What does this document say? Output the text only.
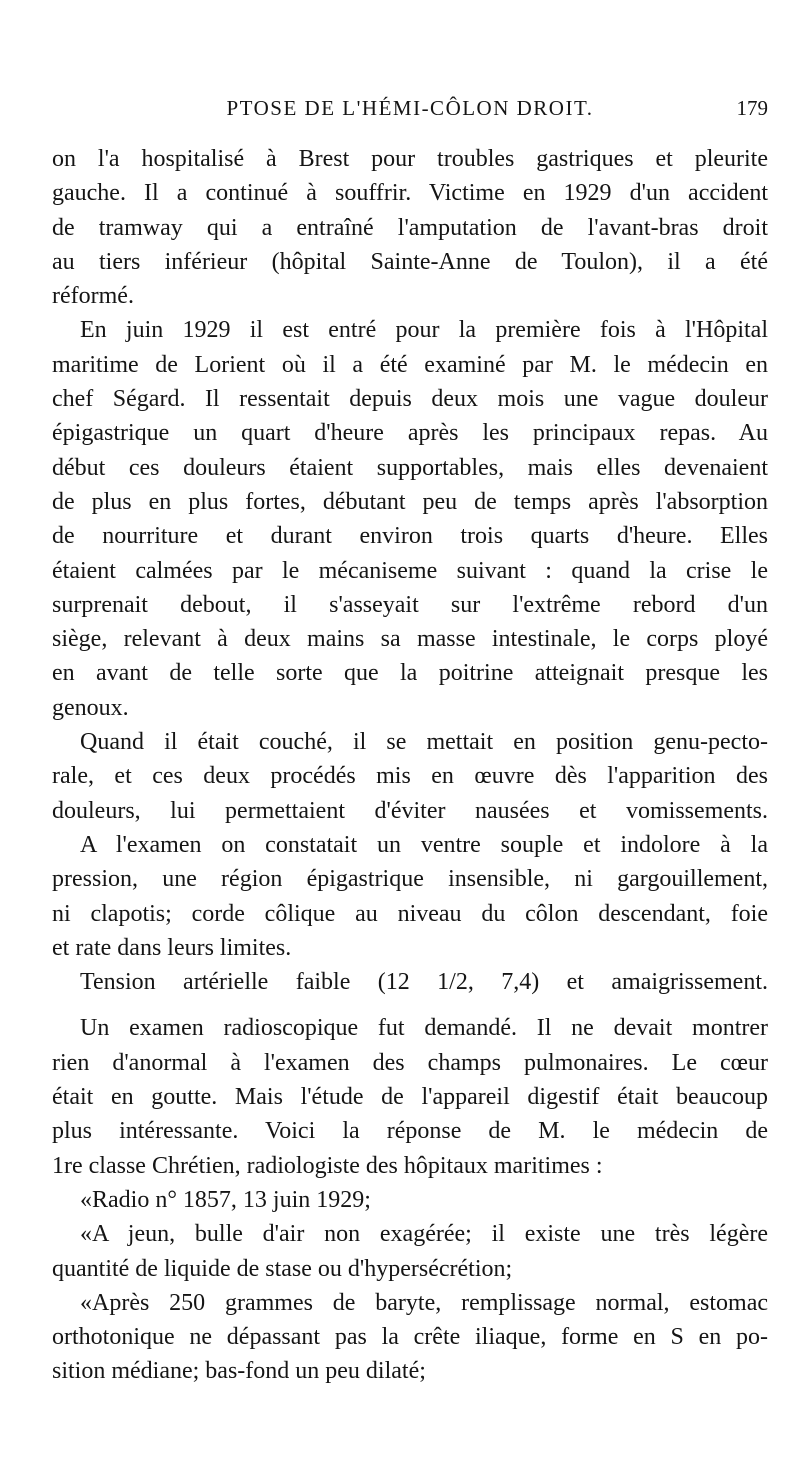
PTOSE DE L'HÉMI-CÔLON DROIT.	179
on l'a hospitalisé à Brest pour troubles gastriques et pleurite
gauche. Il a continué à souffrir. Victime en 1929 d'un accident
de tramway qui a entraîné l'amputation de l'avant-bras droit
au tiers inférieur (hôpital Sainte-Anne de Toulon), il a été
réformé.
En juin 1929 il est entré pour la première fois à l'Hôpital
maritime de Lorient où il a été examiné par M. le médecin en
chef Ségard. Il ressentait depuis deux mois une vague douleur
épigastrique un quart d'heure après les principaux repas. Au
début ces douleurs étaient supportables, mais elles devenaient
de plus en plus fortes, débutant peu de temps après l'absorption
de nourriture et durant environ trois quarts d'heure. Elles
étaient calmées par le mécaniseme suivant : quand la crise le
surprenait debout, il s'asseyait sur l'extrême rebord d'un
siège, relevant à deux mains sa masse intestinale, le corps ployé
en avant de telle sorte que la poitrine atteignait presque les
genoux.
Quand il était couché, il se mettait en position genu-pecto-
rale, et ces deux procédés mis en œuvre dès l'apparition des
douleurs, lui permettaient d'éviter nausées et vomissements.
A l'examen on constatait un ventre souple et indolore à la
pression, une région épigastrique insensible, ni gargouillement,
ni clapotis; corde côlique au niveau du côlon descendant, foie
et rate dans leurs limites.
Tension artérielle faible (12 1/2, 7,4) et amaigrissement.
Un examen radioscopique fut demandé. Il ne devait montrer
rien d'anormal à l'examen des champs pulmonaires. Le cœur
était en goutte. Mais l'étude de l'appareil digestif était beaucoup
plus intéressante. Voici la réponse de M. le médecin de
1re classe Chrétien, radiologiste des hôpitaux maritimes :
«Radio n° 1857, 13 juin 1929;
«A jeun, bulle d'air non exagérée; il existe une très légère
quantité de liquide de stase ou d'hypersécrétion;
«Après 250 grammes de baryte, remplissage normal, estomac
orthotonique ne dépassant pas la crête iliaque, forme en S en po-
sition médiane; bas-fond un peu dilaté;
